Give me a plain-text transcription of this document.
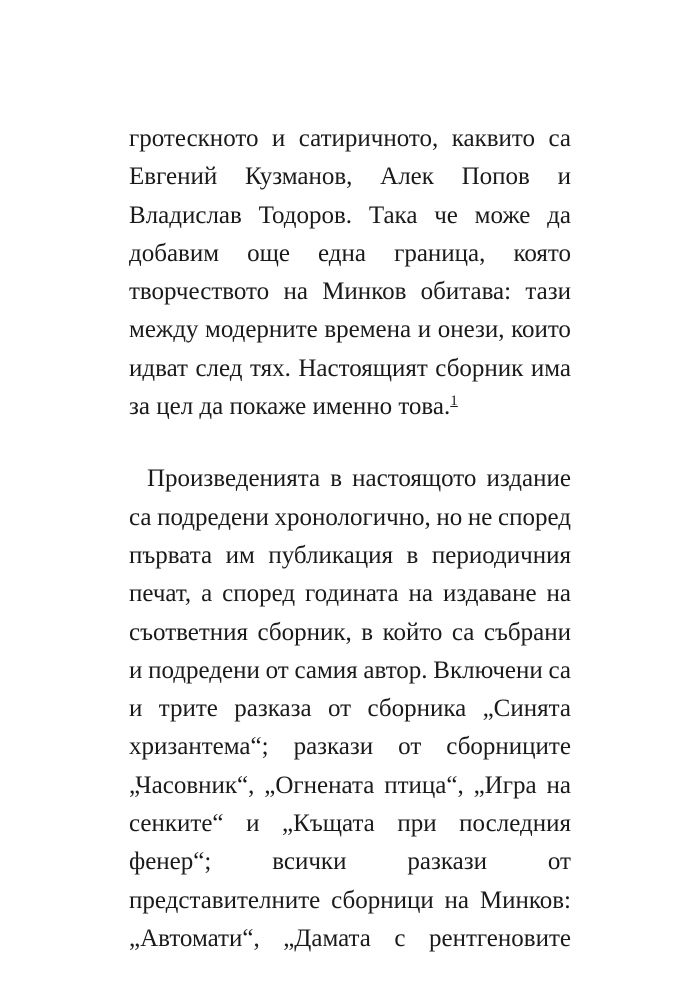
гротескното и сатиричното, каквито са
Евгений Кузманов, Алек Попов и
Владислав Тодоров. Така че може да
добавим още една граница, която
творчеството на Минков обитава: тази
между модерните времена и онези, които
идват след тях. Настоящият сборник има
за цел да покаже именно това.$^1$
Произведенията в настоящото издание
са подредени хронологично, но не според
първата им публикация в периодичния
печат, а според годината на издаване на
съответния сборник, в който са събрани
и подредени от самия автор. Включени са
и трите разказа от сборника „Синята
хризантема“; разкази от сборниците
„Часовник“, „Огнената птица“, „Игра на
сенките“ и „Къщата при последния
фенер“; всички разкази от
представителните сборници на Минков:
„Автомати“, „Дамата с рентгеновите
